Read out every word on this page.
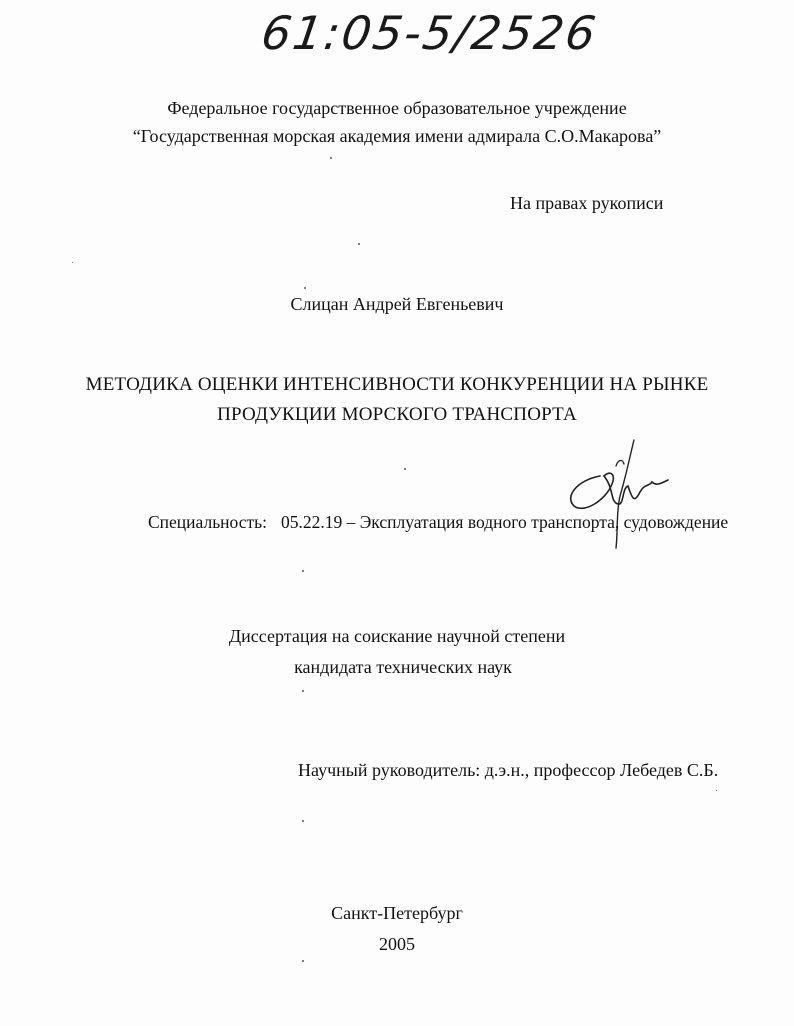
61:05-5/2526
Федеральное государственное образовательное учреждение
“Государственная морская академия имени адмирала С.О.Макарова”
На правах рукописи
Слицан Андрей Евгеньевич
МЕТОДИКА ОЦЕНКИ ИНТЕНСИВНОСТИ КОНКУРЕНЦИИ НА РЫНКЕ
ПРОДУКЦИИ МОРСКОГО ТРАНСПОРТА
Специальность: 05.22.19 – Эксплуатация водного транспорта, судовождение
Диссертация на соискание научной степени
кандидата технических наук
Научный руководитель: д.э.н., профессор Лебедев С.Б.
Санкт-Петербург
2005
